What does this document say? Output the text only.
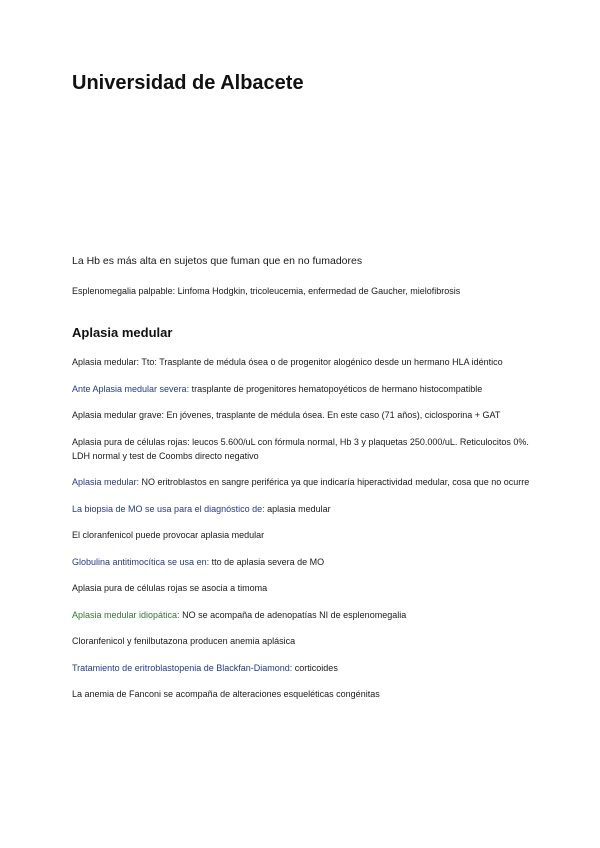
Universidad de Albacete

La Hb es más alta en sujetos que fuman que en no fumadores

Esplenomegalia palpable: Linfoma Hodgkin, tricoleucemia, enfermedad de Gaucher, mielofibrosis

Aplasia medular

Aplasia medular: Tto: Trasplante de médula ósea o de progenitor alogénico desde un hermano HLA idéntico

Ante Aplasia medular severa: trasplante de progenitores hematopoyéticos de hermano histocompatible

Aplasia medular grave: En jóvenes, trasplante de médula ósea. En este caso (71 años), ciclosporina + GAT

Aplasia pura de células rojas: leucos 5.600/uL con fórmula normal, Hb 3 y plaquetas 250.000/uL. Reticulocitos 0%. LDH normal y test de Coombs directo negativo

Aplasia medular: NO eritroblastos en sangre periférica ya que indicaría hiperactividad medular, cosa que no ocurre

La biopsia de MO se usa para el diagnóstico de: aplasia medular

El cloranfenicol puede provocar aplasia medular

Globulina antitimocítica se usa en: tto de aplasia severa de MO

Aplasia pura de células rojas se asocia a timoma

Aplasia medular idiopática: NO se acompaña de adenopatías NI de esplenomegalia

Cloranfenicol y fenilbutazona producen anemia aplásica

Tratamiento de eritroblastopenia de Blackfan-Diamond: corticoides

La anemia de Fanconi se acompaña de alteraciones esqueléticas congénitas
